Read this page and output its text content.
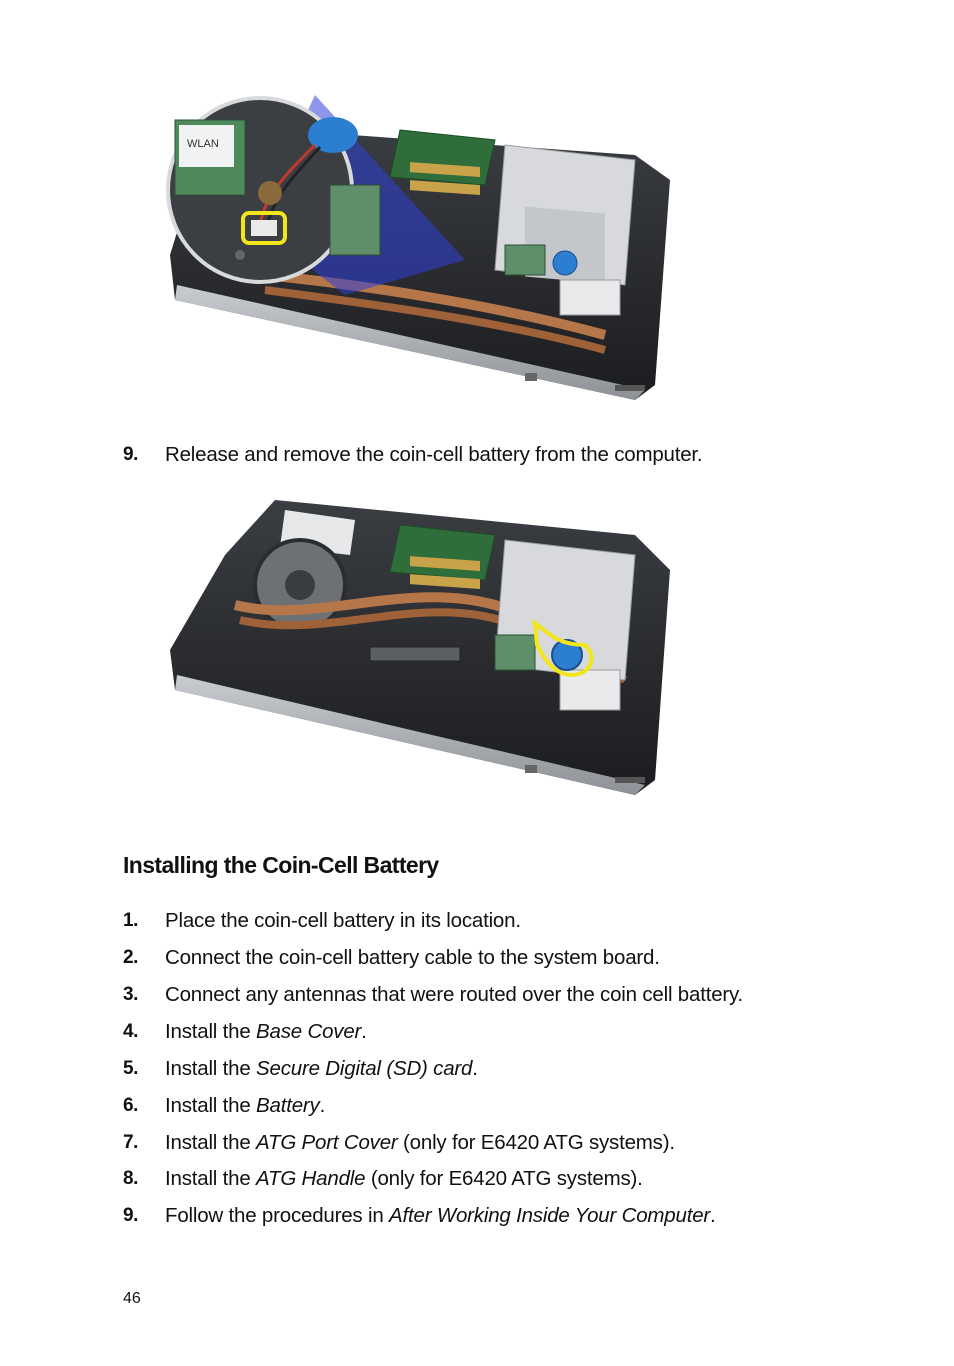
WLAN
9. Release and remove the coin-cell battery from the computer.
Installing the Coin-Cell Battery
1. Place the coin-cell battery in its location.
2. Connect the coin-cell battery cable to the system board.
3. Connect any antennas that were routed over the coin cell battery.
4. Install the Base Cover.
5. Install the Secure Digital (SD) card.
6. Install the Battery.
7. Install the ATG Port Cover (only for E6420 ATG systems).
8. Install the ATG Handle (only for E6420 ATG systems).
9. Follow the procedures in After Working Inside Your Computer.
46
